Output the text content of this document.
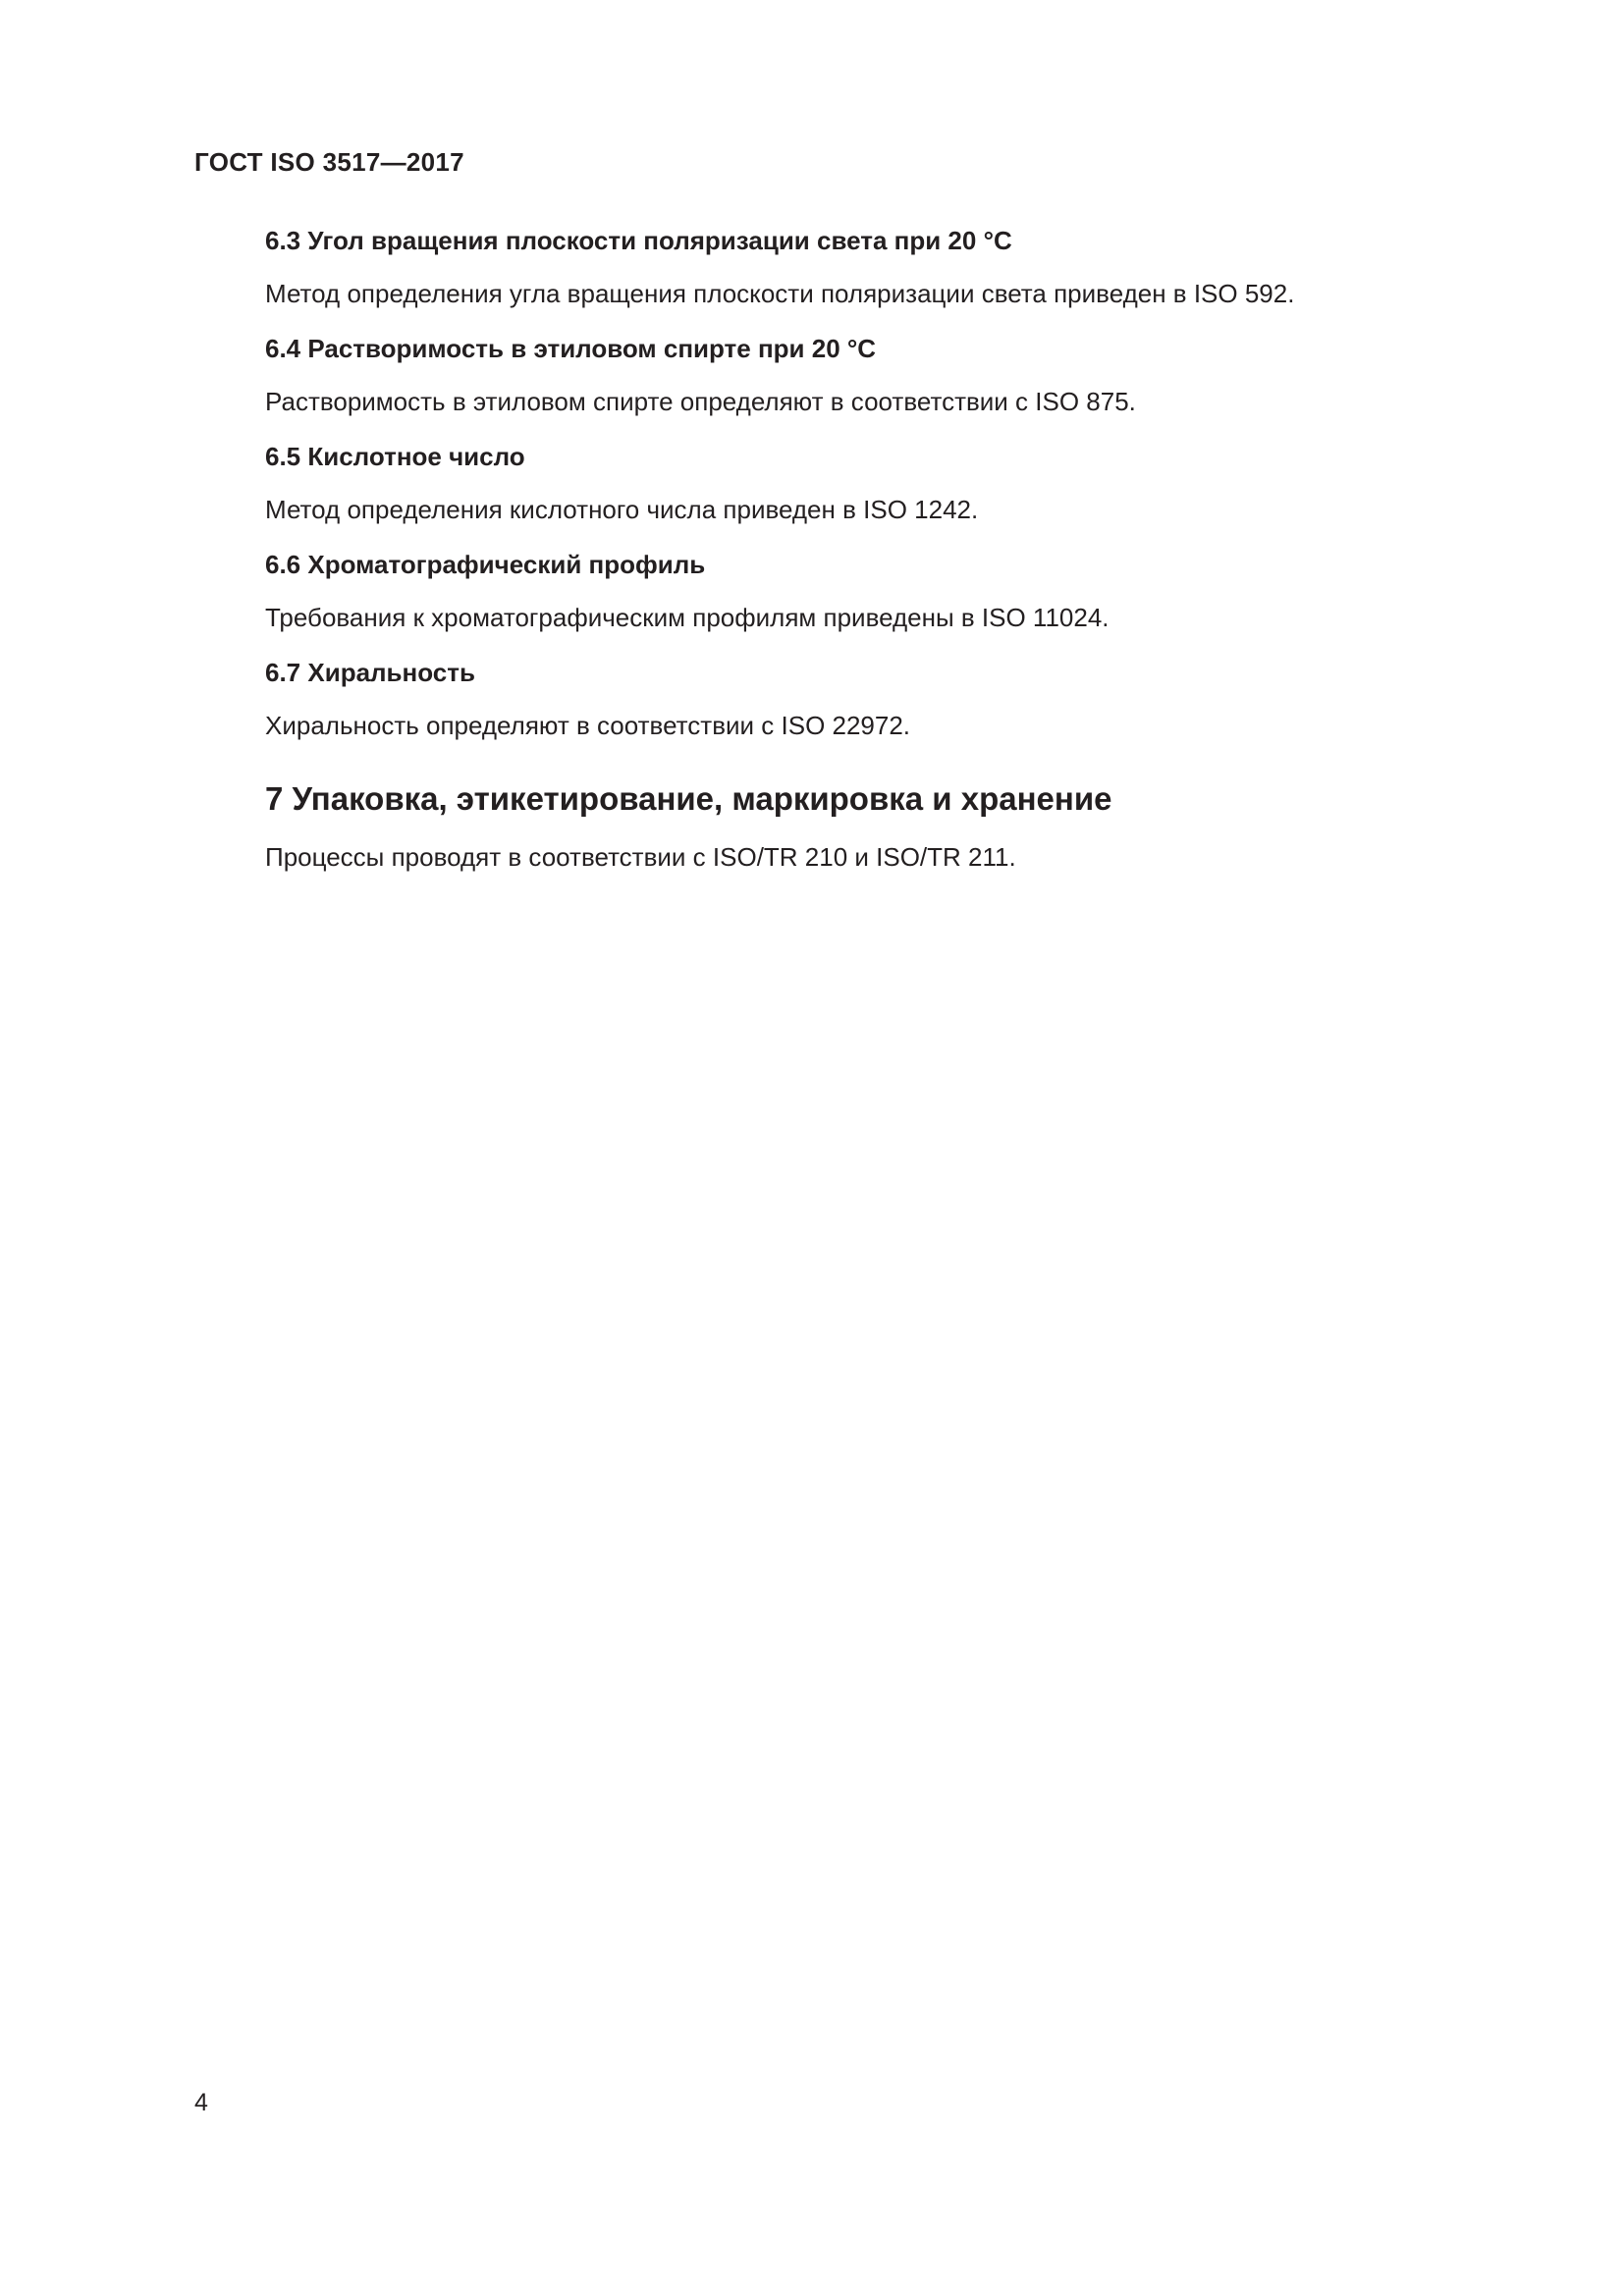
ГОСТ ISO 3517—2017

6.3 Угол вращения плоскости поляризации света при 20 °C

Метод определения угла вращения плоскости поляризации света приведен в ISO 592.

6.4 Растворимость в этиловом спирте при 20 °C

Растворимость в этиловом спирте определяют в соответствии с ISO 875.

6.5 Кислотное число

Метод определения кислотного числа приведен в ISO 1242.

6.6 Хроматографический профиль

Требования к хроматографическим профилям приведены в ISO 11024.

6.7 Хиральность

Хиральность определяют в соответствии с ISO 22972.

7 Упаковка, этикетирование, маркировка и хранение

Процессы проводят в соответствии с ISO/TR 210 и ISO/TR 211.

4
